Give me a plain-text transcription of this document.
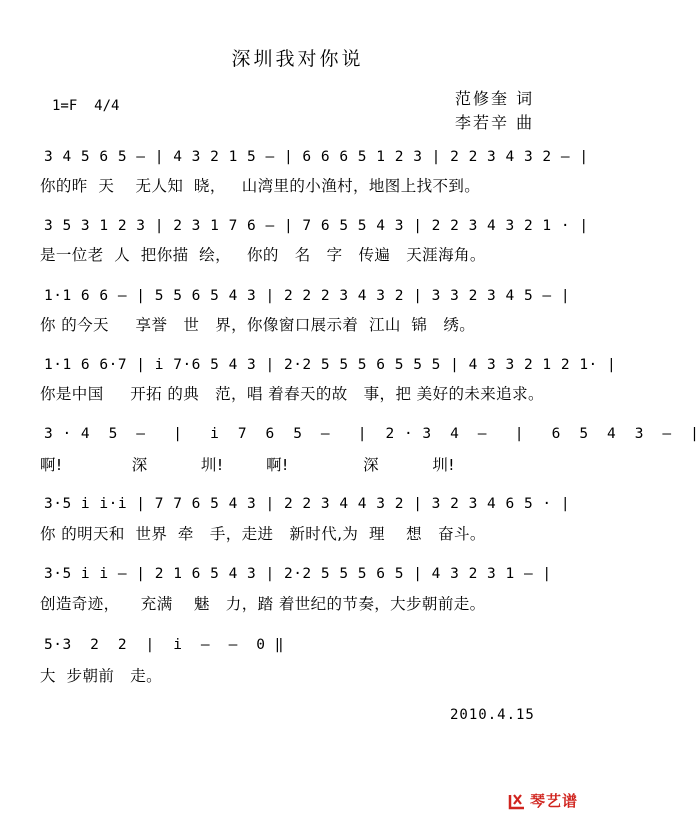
深圳我对你说
1=F  4/4	范修奎 词
李若辛 曲
3 4 5 6 5 — | 4 3 2 1 5 — | 6 6 6 5 1 2 3 | 2 2 3 4 3 2 — |
你的昨  天    无人知  晓，   山湾里的小渔村，地图上找不到。
3 5 3 1 2 3 | 2 3 1 7 6 — | 7 6 5 5 4 3 | 2 2 3 4 3 2 1 · |
是一位老  人  把你描  绘，   你的   名   字   传遍   天涯海角。
1·1 6 6 — | 5 5 6 5 4 3 | 2 2 2 3 4 3 2 | 3 3 2 3 4 5 — |
你 的今天     享誉   世   界，你像窗口展示着  江山  锦   绣。
1·1 6 6·7 | i 7·6 5 4 3 | 2·2 5 5 5 6 5 5 5 | 4 3 3 2 1 2 1· |
你是中国     开拓 的典   范，唱 着春天的故   事，把 美好的未来追求。
3 · 4  5  —   |   i  7  6  5  —   |  2 · 3  4  —   |   6  5  4  3  —  |
啊!             深          圳!        啊!              深          圳!
3·5 i i·i | 7 7 6 5 4 3 | 2 2 3 4 4 3 2 | 3 2 3 4 6 5 · |
你 的明天和  世界  牵   手，走进   新时代,为  理    想   奋斗。
3·5 i i — | 2 1 6 5 4 3 | 2·2 5 5 5 6 5 | 4 3 2 3 1 — |
创造奇迹，    充满    魅   力，踏 着世纪的节奏，大步朝前走。
5·3  2  2  |  i  —  —  0 ‖
大  步朝前   走。
2010.4.15
琴艺谱
